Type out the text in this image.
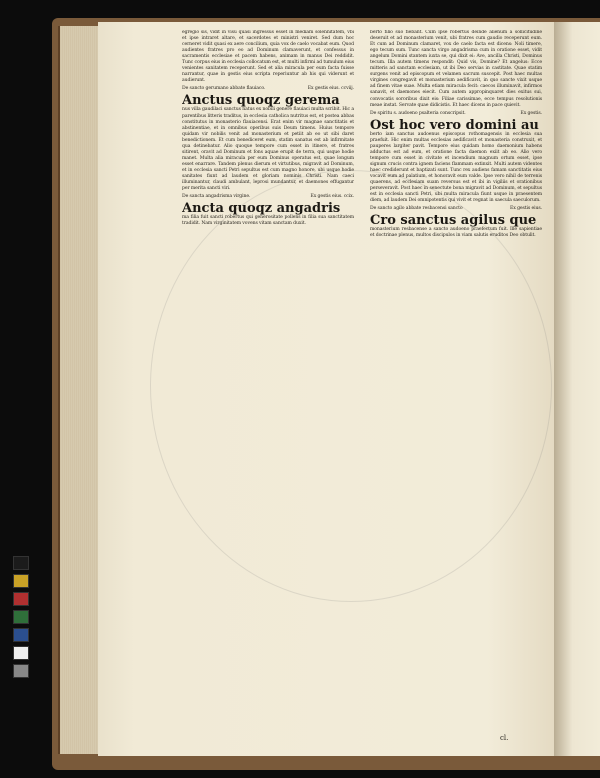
egregio sis, vidit in visu quasi ingressus esset in mediam solennitatem, vbi et ipse intraret altare, et sacerdotes et ministri veniret. Sed dum hoc cerneret vidit quasi ex aere concilium, quia vox de caelo vocabat eum. Quod audientes fratres pro eo ad Dominum clamaverunt, et confessus in sacramentis ecclesiae et pacem habens, animam in manus Dei reddidit. Tunc corpus eius in ecclesia collocatum est, et multi infirmi ad tumulum eius venientes sanitatem receperunt. Sed et alia miracula per eum facta fuisse narrantur, quae in gestis eius scripta reperiuntur ab his qui viderunt et audierunt.

De sancto gerumano abbate flauiaco.	Ex gestis eius. ccviij.
Anctus quoqz gerema

nus villa gaudilaci sanctus natus ex nobili genere flauiaci multa scribit. Hic a parentibus litteris traditus, in ecclesia catholica nutritus est, et postea abbas constitutus in monasterio flauiacensi. Erat enim vir magnae sanctitatis et abstinentiae, et in omnibus operibus suis Deum timens. Huius tempore quidam vir nobilis venit ad monasterium et petiit ab eo ut sibi daret benedictionem. Et cum benediceret eum, statim sanatus est ab infirmitate qua detinebatur. Alio quoque tempore cum esset in itinere, et fratres sitirent, oravit ad Dominum et fons aquae erupit de terra, qui usque hodie manet. Multa alia miracula per eum Dominus operatus est, quae longum esset enarrare. Tandem plenus dierum et virtutibus, migravit ad Dominum, et in ecclesia sancti Petri sepultus est cum magno honore, ubi usque hodie sanitates fiunt ad laudem et gloriam nominis Christi. Nam caeci illuminantur, claudi ambulant, leprosi mundantur, et daemones effugantur per merita sancti viri.

De sancta angadrisma virgine.	Ex gestis eius. ccix.
Ancta quoqz angadris

ma filia fuit sancti robertus qui generositate pollens in filia sua sanctitatem tradidit. Nam virginitatem vovens vitam sanctam duxit.

berto filio suo fiebant. Cum ipse robertus deinde alienum a sollicitudine deseruit et ad monasterium venit, ubi fratres cum gaudio receperunt eum. Et cum ad Dominum clamaret, vox de caelo facta est dicens: Noli timere, ego tecum sum. Tunc sancta virgo angadrisma cum in oratione esset, vidit angelum Domini stantem iuxta se, qui dixit ei: Ave, ancilla Christi, Dominus tecum. Illa autem timens respondit: Quid vis, Domine? Et angelus: Ecce mitteris ad sanctam ecclesiam, ut ibi Deo servias in castitate. Quae statim surgens venit ad episcopum et velamen sacrum suscepit. Post haec multas virgines congregavit et monasterium aedificavit, in quo sancte vixit usque ad finem vitae suae. Multa etiam miracula fecit: caecos illuminavit, infirmos sanavit, et daemones eiecit. Cum autem appropinquaret dies exitus sui, convocatis sororibus dixit eis: Filiae carissimae, ecce tempus resolutionis meae instat. Servate quae didicistis. Et haec dicens in pace quievit.

De spiritu s. audoeno psalteria conscripsit.	Ex gestis.
Ost hoc vero domini au

berto iam sanctus audoenus episcopus rothomagensis in ecclesia sua praefuit. Hic enim multas ecclesias aedificavit et monasteria construxit, et pauperes largiter pavit. Tempore eius quidam homo daemonium habens adductus est ad eum, et oratione facta daemon exiit ab eo. Alio vero tempore cum esset in civitate et incendium magnum ortum esset, ipse signum crucis contra ignem faciens flammam extinxit. Multi autem videntes haec crediderunt et baptizati sunt. Tunc rex audiens famam sanctitatis eius vocavit eum ad palatium, et honoravit eum valde. Ipse vero nihil de terrenis quaerens, ad ecclesiam suam reversus est et ibi in vigiliis et orationibus perseveravit. Post haec in senectute bona migravit ad Dominum, et sepultus est in ecclesia sancti Petri, ubi multa miracula fiunt usque in praesentem diem, ad laudem Dei omnipotentis qui vivit et regnat in saecula saeculorum.

De sancto agilo abbate resbacensi sancto	Ex gestis eius.
Cro sanctus agilus que

monasterium resbacense a sancto audoeno praefectum fuit. Ille sapientiae et doctrinae plenus, multos discipulos in viam salutis eruditos Deo obtulit.

cl.
